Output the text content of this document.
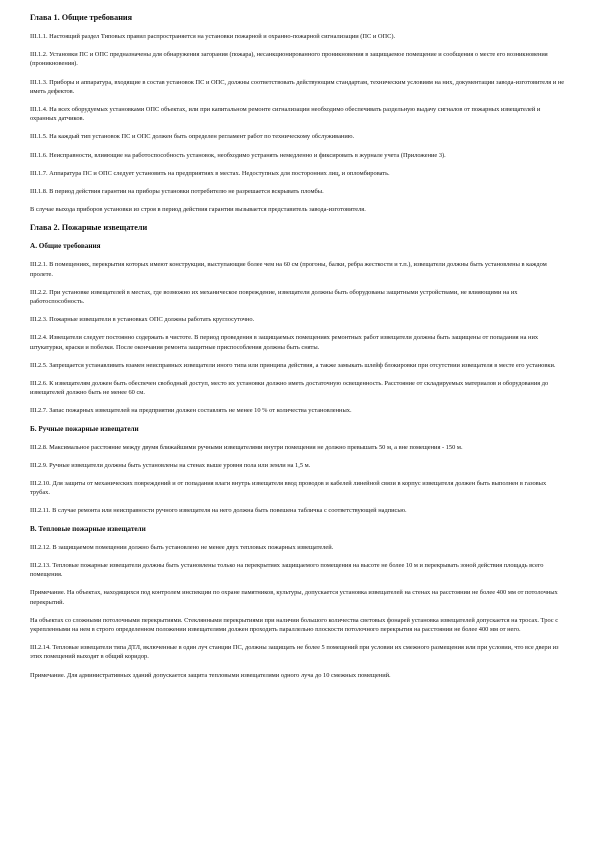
Глава 1. Общие требования
III.1.1. Настоящий раздел Типовых правил распространяется на установки пожарной и охранно-пожарной сигнализации (ПС и ОПС).
III.1.2. Установки ПС и ОПС предназначены для обнаружения загорания (пожара), несанкционированного проникновения в защищаемое помещение и сообщения о месте его возникновения (проникновения).
III.1.3. Приборы и аппаратура, входящие в состав установок ПС и ОПС, должны соответствовать действующим стандартам, техническим условиям на них, документации завода-изготовителя и не иметь дефектов.
III.1.4. На всех оборудуемых установками ОПС объектах, или при капитальном ремонте сигнализации необходимо обеспечивать раздельную выдачу сигналов от пожарных извещателей и охранных датчиков.
III.1.5. На каждый тип установок ПС и ОПС должен быть определен регламент работ по техническому обслуживанию.
III.1.6. Неисправности, влияющие на работоспособность установок, необходимо устранять немедленно и фиксировать в журнале учета (Приложение 3).
III.1.7. Аппаратура ПС и ОПС следует установить на предприятиях в местах. Недоступных для посторонних лиц, и опломбировать.
III.1.8. В период действия гарантии на приборы установки потребителю не разрешается вскрывать пломбы.
В случае выхода приборов установки из строя в период действия гарантии вызывается представитель завода-изготовителя.
Глава 2. Пожарные извещатели
А. Общие требования
III.2.1. В помещениях, перекрытия которых имеют конструкции, выступающие более чем на 60 см (прогоны, балки, ребра жесткости и т.п.), извещатели должны быть установлены в каждом пролете.
III.2.2. При установке извещателей в местах, где возможно их механическое повреждение, извещатели должны быть оборудованы защитными устройствами, не влияющими на их работоспособность.
III.2.3. Пожарные извещатели в установках ОПС должны работать круглосуточно.
III.2.4. Извещатели следует постоянно содержать в чистоте. В период проведения в защищаемых помещениях ремонтных работ извещатели должны быть защищены от попадания на них штукатурки, краски и побелки. После окончания ремонта защитные приспособления должны быть сняты.
III.2.5. Запрещается устанавливать взамен неисправных извещатели иного типа или принципа действия, а также замыкать шлейф блокировки при отсутствии извещателя в месте его установки.
III.2.6. К извещателям должен быть обеспечен свободный доступ, место их установки должно иметь достаточную освещенность. Расстояние от складируемых материалов и оборудования до извещателей должно быть не менее 60 см.
III.2.7. Запас пожарных извещателей на предприятии должен составлять не менее 10 % от количества установленных.
Б. Ручные пожарные извещатели
III.2.8. Максимальное расстояние между двумя ближайшими ручными извещателями внутри помещения не должно превышать 50 м, а вне помещения - 150 м.
III.2.9. Ручные извещатели должны быть установлены на стенах выше уровня пола или земли на 1,5 м.
III.2.10. Для защиты от механических повреждений и от попадания влаги внутрь извещателя ввод проводов и кабелей линейной связи в корпус извещателя должен быть выполнен в газовых трубах.
III.2.11. В случае ремонта или неисправности ручного извещателя на него должна быть повешена табличка с соответствующей надписью.
В. Тепловые пожарные извещатели
III.2.12. В защищаемом помещении должно быть установлено не менее двух тепловых пожарных извещателей.
III.2.13. Тепловые пожарные извещатели должны быть установлены только на перекрытиях защищаемого помещения на высоте не более 10 м и перекрывать зоной действия площадь всего помещения.
Примечание. На объектах, находящихся под контролем инспекции по охране памятников, культуры, допускается установка извещателей на стенах на расстоянии не более 400 мм от потолочных перекрытий.
На объектах со сложными потолочными перекрытиями. Стеклянными перекрытиями при наличии большого количества световых фонарей установка извещателей допускается на тросах. Трос с укрепленными на нем в строго определенном положении извещателями должен проходить параллельно плоскости потолочного перекрытия на расстоянии не более 400 мм от него.
III.2.14. Тепловые извещатели типа ДТЛ, включенные в один луч станции ПС, должны защищать не более 5 помещений при условии их смежного размещения или при условии, что все двери из этих помещений выходят в общий коридор.
Примечание. Для административных зданий допускается защита тепловыми извещателями одного луча до 10 смежных помещений.
